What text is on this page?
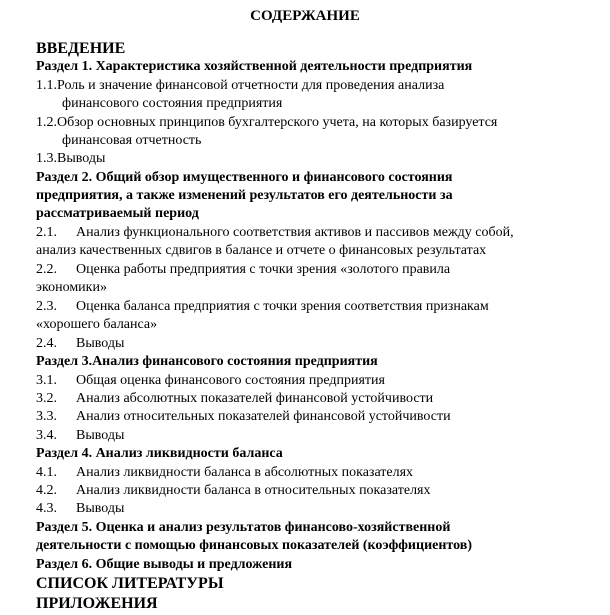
СОДЕРЖАНИЕ
ВВЕДЕНИЕ
Раздел 1. Характеристика хозяйственной деятельности предприятия
1.1.Роль и значение финансовой отчетности для проведения анализа
финансового состояния предприятия
1.2.Обзор основных принципов бухгалтерского учета, на которых базируется
финансовая отчетность
1.3.Выводы
Раздел 2. Общий обзор имущественного и финансового состояния
предприятия, а также изменений результатов его деятельности за
рассматриваемый период
2.1. Анализ функционального соответствия активов и пассивов между собой,
анализ качественных сдвигов в балансе и отчете о финансовых результатах
2.2. Оценка работы предприятия с точки зрения «золотого правила
экономики»
2.3. Оценка баланса предприятия с точки зрения соответствия признакам
«хорошего баланса»
2.4. Выводы
Раздел 3.Анализ финансового состояния предприятия
3.1. Общая оценка финансового состояния предприятия
3.2. Анализ абсолютных показателей финансовой устойчивости
3.3. Анализ относительных показателей финансовой устойчивости
3.4. Выводы
Раздел 4. Анализ ликвидности баланса
4.1. Анализ ликвидности баланса в абсолютных показателях
4.2. Анализ ликвидности баланса в относительных показателях
4.3. Выводы
Раздел 5. Оценка и анализ результатов финансово-хозяйственной
деятельности с помощью финансовых показателей (коэффициентов)
Раздел 6. Общие выводы и предложения
СПИСОК ЛИТЕРАТУРЫ
ПРИЛОЖЕНИЯ
